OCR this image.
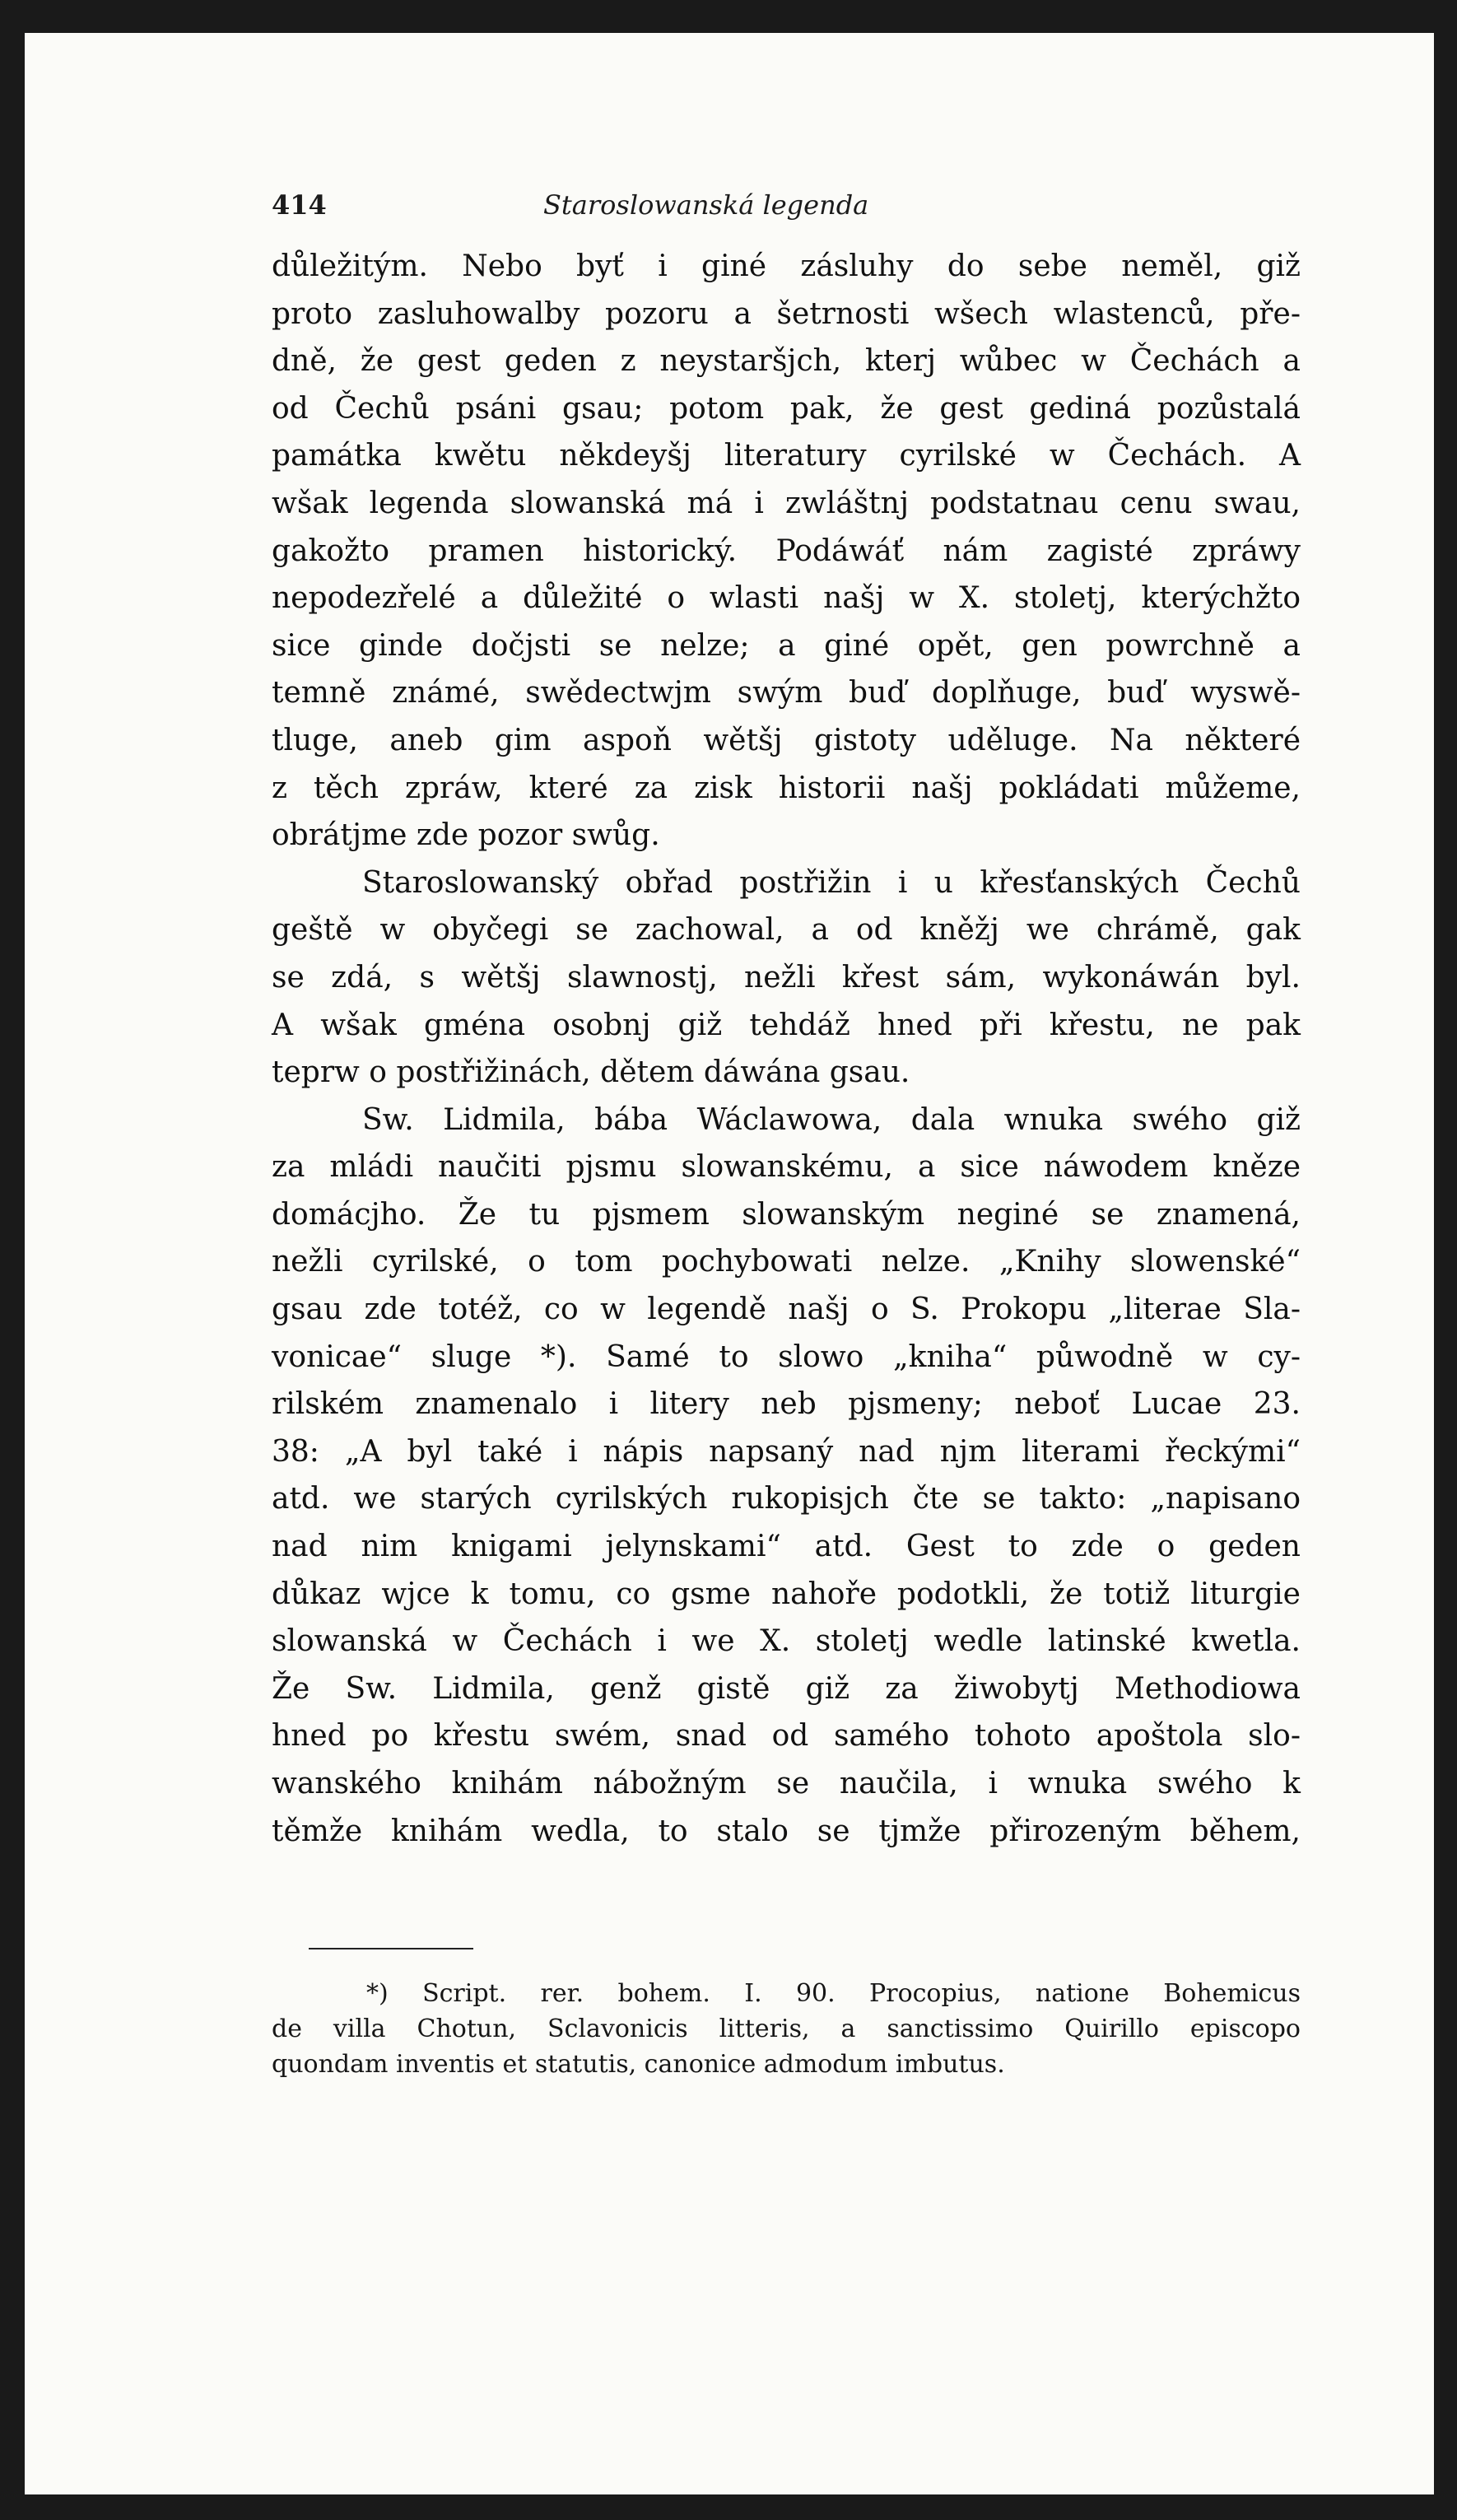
414	Staroslowanská legenda
důležitým. Nebo byť i giné zásluhy do sebe neměl, giž
proto zasluhowalby pozoru a šetrnosti wšech wlastenců, pře-
dně, že gest geden z neystaršjch, kterj wůbec w Čechách a
od Čechů psáni gsau; potom pak, že gest gediná pozůstalá
památka kwětu někdeyšj literatury cyrilské w Čechách. A
wšak legenda slowanská má i zwláštnj podstatnau cenu swau,
gakožto pramen historický. Podáwáť nám zagisté zpráwy
nepodezřelé a důležité o wlasti našj w X. stoletj, kterýchžto
sice ginde dočjsti se nelze; a giné opět, gen powrchně a
temně známé, swědectwjm swým buď doplňuge, buď wyswě-
tluge, aneb gim aspoň wětšj gistoty uděluge. Na některé
z těch zpráw, které za zisk historii našj pokládati můžeme,
obrátjme zde pozor swůg.
Staroslowanský obřad postřižin i u křesťanských Čechů
geště w obyčegi se zachowal, a od kněžj we chrámě, gak
se zdá, s wětšj slawnostj, nežli křest sám, wykonáwán byl.
A wšak gména osobnj giž tehdáž hned při křestu, ne pak
teprw o postřižinách, dětem dáwána gsau.
Sw. Lidmila, bába Wáclawowa, dala wnuka swého giž
za mládi naučiti pjsmu slowanskému, a sice náwodem kněze
domácjho. Že tu pjsmem slowanským neginé se znamená,
nežli cyrilské, o tom pochybowati nelze. „Knihy slowenské“
gsau zde totéž, co w legendě našj o S. Prokopu „literae Sla-
vonicae“ sluge *). Samé to slowo „kniha“ půwodně w cy-
rilském znamenalo i litery neb pjsmeny; neboť Lucae 23.
38: „A byl také i nápis napsaný nad njm literami řeckými“
atd. we starých cyrilských rukopisjch čte se takto: „napisano
nad nim knigami jelynskami“ atd. Gest to zde o geden
důkaz wjce k tomu, co gsme nahoře podotkli, že totiž liturgie
slowanská w Čechách i we X. stoletj wedle latinské kwetla.
Že Sw. Lidmila, genž gistě giž za žiwobytj Methodiowa
hned po křestu swém, snad od samého tohoto apoštola slo-
wanského knihám nábožným se naučila, i wnuka swého k
těmže knihám wedla, to stalo se tjmže přirozeným během,
*) Script. rer. bohem. I. 90. Procopius, natione Bohemicus
de villa Chotun, Sclavonicis litteris, a sanctissimo Quirillo episcopo
quondam inventis et statutis, canonice admodum imbutus.
